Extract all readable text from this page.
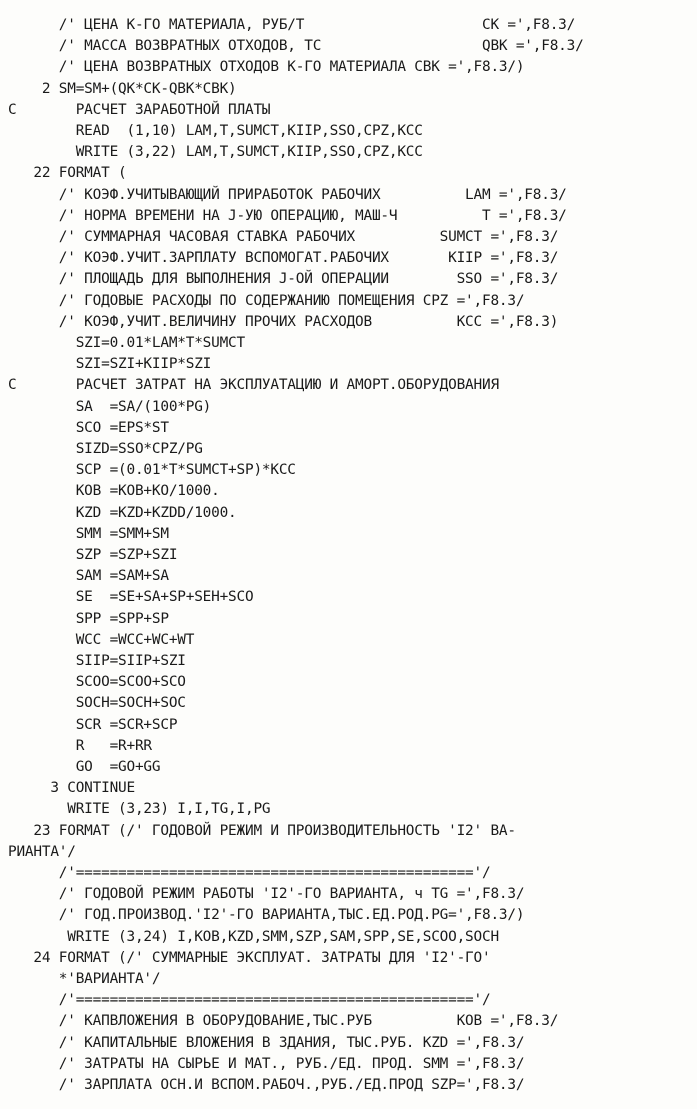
/' ЦЕНА К-ГО МАТЕРИАЛА, РУБ/Т                     CK =',F8.3/
/' МАССА ВОЗВРАТНЫХ ОТХОДОВ, ТС                   QBK =',F8.3/
/' ЦЕНА ВОЗВРАТНЫХ ОТХОДОВ К-ГО МАТЕРИАЛА CBK =',F8.3/)
2 SM=SM+(QK*CK-QBK*CBK)
C       РАСЧЕТ ЗАРАБОТНОЙ ПЛАТЫ
READ  (1,10) LAM,T,SUMCT,KIIP,SSO,CPZ,KCC
WRITE (3,22) LAM,T,SUMCT,KIIP,SSO,CPZ,KCC
22 FORMAT (
/' КОЭФ.УЧИТЫВАЮЩИЙ ПРИРАБОТОК РАБОЧИХ          LAM =',F8.3/
/' НОРМА ВРЕМЕНИ НА J-УЮ ОПЕРАЦИЮ, МАШ-Ч          T =',F8.3/
/' СУММАРНАЯ ЧАСОВАЯ СТАВКА РАБОЧИХ          SUMCT =',F8.3/
/' КОЭФ.УЧИТ.ЗАРПЛАТУ ВСПОМОГАТ.РАБОЧИХ       KIIP =',F8.3/
/' ПЛОЩАДЬ ДЛЯ ВЫПОЛНЕНИЯ J-ОЙ ОПЕРАЦИИ        SSO =',F8.3/
/' ГОДОВЫЕ РАСХОДЫ ПО СОДЕРЖАНИЮ ПОМЕЩЕНИЯ CPZ =',F8.3/
/' КОЭФ,УЧИТ.ВЕЛИЧИНУ ПРОЧИХ РАСХОДОВ          KCC =',F8.3)
SZI=0.01*LAM*T*SUMCT
SZI=SZI+KIIP*SZI
C       РАСЧЕТ ЗАТРАТ НА ЭКСПЛУАТАЦИЮ И АМОРТ.ОБОРУДОВАНИЯ
SA  =SA/(100*PG)
SCO =EPS*ST
SIZD=SSO*CPZ/PG
SCP =(0.01*T*SUMCT+SP)*KCC
KOB =KOB+KO/1000.
KZD =KZD+KZDD/1000.
SMM =SMM+SM
SZP =SZP+SZI
SAM =SAM+SA
SE  =SE+SA+SP+SEH+SCO
SPP =SPP+SP
WCC =WCC+WC+WT
SIIP=SIIP+SZI
SCOO=SCOO+SCO
SOCH=SOCH+SOC
SCR =SCR+SCP
R   =R+RR
GO  =GO+GG
3 CONTINUE
WRITE (3,23) I,I,TG,I,PG
23 FORMAT (/' ГОДОВОЙ РЕЖИМ И ПРОИЗВОДИТЕЛЬНОСТЬ 'I2' ВА-
РИАНТА'/
/'==============================================='/
/' ГОДОВОЙ РЕЖИМ РАБОТЫ 'I2'-ГО ВАРИАНТА, ч TG =',F8.3/
/' ГОД.ПРОИЗВОД.'I2'-ГО ВАРИАНТА,ТЫС.ЕД.РОД.PG=',F8.3/)
WRITE (3,24) I,KOB,KZD,SMM,SZP,SAM,SPP,SE,SCOO,SOCH
24 FORMAT (/' СУММАРНЫЕ ЭКСПЛУАТ. ЗАТРАТЫ ДЛЯ 'I2'-ГО'
*'ВАРИАНТА'/
/'==============================================='/
/' КАПВЛОЖЕНИЯ В ОБОРУДОВАНИЕ,ТЫС.РУБ          KOB =',F8.3/
/' КАПИТАЛЬНЫЕ ВЛОЖЕНИЯ В ЗДАНИЯ, ТЫС.РУБ. KZD =',F8.3/
/' ЗАТРАТЫ НА СЫРЬЕ И МАТ., РУБ./ЕД. ПРОД. SMM =',F8.3/
/' ЗАРПЛАТА ОСН.И ВСПОМ.РАБОЧ.,РУБ./ЕД.ПРОД SZP=',F8.3/
